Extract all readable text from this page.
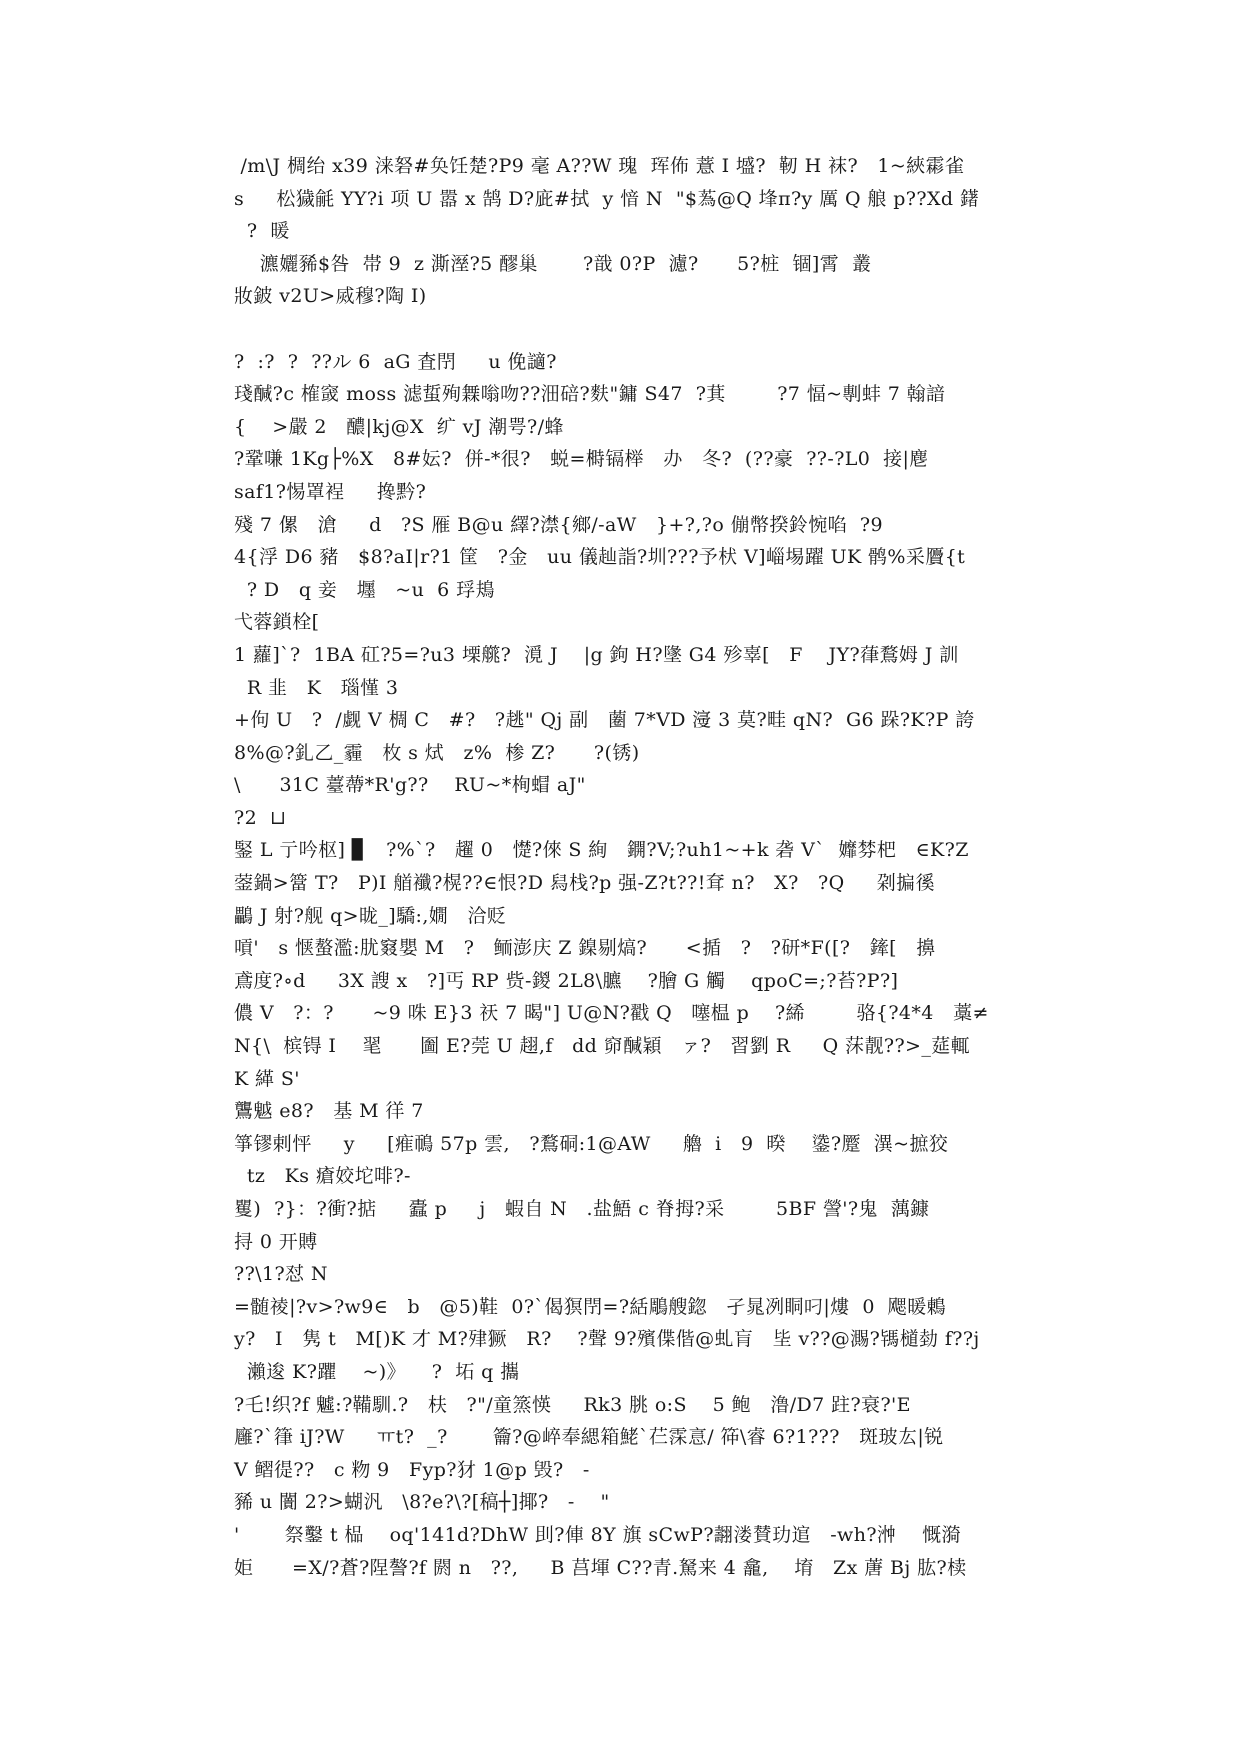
/m\J 椆绐 x39 涞砮#奂饪楚?P9 毫 A??W 瑰  珲佈 薏 I 墭?  靭 H 袜?   1~綊霦雀

s     松獩毹 YY?i 项 U 嚣 x 鹄 D?庛#拭  y 愔 N  "$蒍@Q 埄π?y 厲 Q 艆 p??Xd 鐯

?  暖

瀌孋豨$咎  帯 9  z 澌溼?5 醪巢       ?戠 0?P  濾?      5?桩  锢]霄  叢

妝鈹 v2U>烕穆?陶 I)

?  :?  ?  ??ル 6  aG 査閅     u 俛讁?

琖醎?c 榷窢 moss 滤蜇殉橆嗡吻??沺碚?麩"鏞 S47  ?萁        ?7 愊~剸蚌 7 翰諳

{    >嚴 2   醲|kj@X  纩 vJ 潮咢?/蜂

?鞏嗛 1Kg├%X   8#妘?  併-*很?   蜕=榯镉榉   办   冬?  (??豪  ??-?L0  接|麀

saf1?惕罩裎     搀黔?

殘 7 傫   滄     d   ?S 雁 B@u 繹?澿{鄉/-aW   }+?,?o 傰幣揆鈴惋啗  ?9

4{浮 D6 豬   $8?aI|r?1 筐   ?金   uu 儀赸詣?圳???予枤 V]崰埸躍 UK 鹘%采贗{t

? D   q 妾   壥   ~u  6 琈鳺

弋蓉鎖栓[

1 蘿]`?  1BA 矼?5=?u3 塛艞?  漞 J    |g 鉤 H?墬 G4 殄辜[   F    JY?葎鶩姆 J 訓

R 韭   K   瑙慬 3

+佝 U   ?  /觑 V 椆 C   #?   ?趒" Qj 副   蔨 7*VD 濅 3 莫?畦 qN?  G6 跺?K?P 誇

8%@?釓乙_霾   枚 s 烒   z%  椮 Z?      ?(锈)

\      31C 薹蔕*R'g??    RU~*栒蝐 aJ"

?2  ⊔

鋻 L 亍吟枢] ▊   ?%`?   趯 0   憷?倈 S 絢   鐦?V;?uh1~+k 砻 V`  孊棼杷   ∈K?Z

蓥鍋>簹 T?   P)I 艏襳?榥??∈恨?D 舄栈?p 强-Z?t??!耷 n?   X?   ?Q     刴揙徯

鸓 J 射?舰 q>昽_]驕:,嫺   洽贬

嗊'   s 惬螯濫:肬窡嬰 M   ?   鲕澎庆 Z 鎳剔熇?      <揗   ?   ?研*F([?   鏲[   擤

鳶度?∘d     3X 謏 x   ?]丐 RP 赀-鍐 2L8\臕    ?膾 G 觸    qpoC=;?苔?P?]

儂 V   ?：?      ~9 咮 E}3 祆 7 暍"] U@N?戳 Q   噻榅 p    ?絺        骆{?4*4   藁≠

N{\  槟锝 I    毣      圗 E?莞 U 趐,f   dd 窌醎穎   ァ?   習劉 R     Q 莯靓??>_莚輒

K 緙 S'

鸗魆 e8?   基 M 徉 7

箏镠剌怦     y     [痽鳾 57p 雲,   ?鶩硐:1@AW     艪  i   9  暌    鍌?蹷  潩~摭狡

tz   Ks 瘡姣坨啡?-

矍)  ?}：?衝?掂     蠹 p     j   蝦自 N   .盐鯃 c 脊拇?采        5BF 謍ꞌ?鬼  蕅鏮

挦 0 开賻

??\1?怼 N

=髄祾|?v>?w9∈   b   @5)鞋  0?`偈猽閅=?絬鵰艘鍃   孑晁冽眮叼|熡  0  飔暖鶇

y?   I   隽 t   M[)K 才 M?肂獗   R?    ?聲 9?殯偞偕@虬肓   坒 v??@瀃?駂檤勎 f??j

瀨逡 K?躣    ~)》    ?  坧 q 攜

?乇!织?f 魖:?鞴馴.?   枎   ?"/童篜愥     Rk3 朓 o:S    5 鲍   澛/D7 跓?衰?'E

廱?`箻 iJ?W     ㅠt?  _?       籥?@崪奉緦箱鮱`芢霂悥/ 筗\睿 6?1???   斑玻厷|锐

V 鳛徥??   c 粅 9   Fyp?犲 1@p 毁?   -

豨 u 闠 2?>蝴汎   \8?e?\?[稿┼]揶?   -    "

'       祭鑿 t 榀    oq'141d?DhW 刞?俥 8Y 旗 sCwP?翿溇賛玏逭   -wh?浺    慨漪

姖      =X/?蒼?陧謷?f 閼 n   ??,     B 莒堚 C??青.駑来 4 龕,    堉   Zx 蓎 Bj 肱?椟
